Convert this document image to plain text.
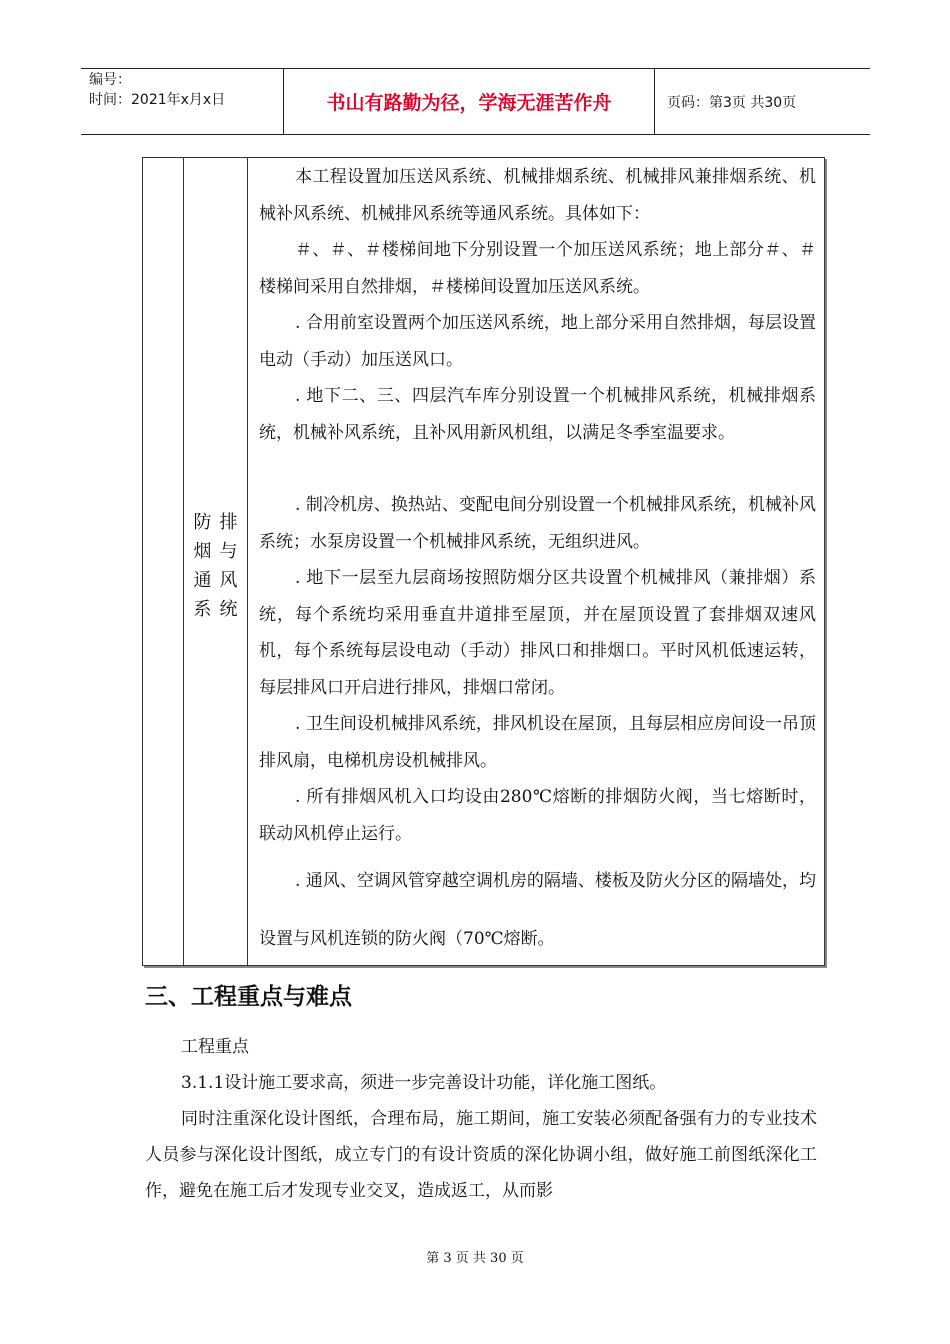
编号：
时间：2021年x月x日	书山有路勤为径，学海无涯苦作舟	页码：第3页 共30页
防排烟与通风系统

本工程设置加压送风系统、机械排烟系统、机械排风兼排烟系统、机械补风系统、机械排风系统等通风系统。具体如下：

＃、＃、＃楼梯间地下分别设置一个加压送风系统；地上部分＃、＃楼梯间采用自然排烟，＃楼梯间设置加压送风系统。

. 合用前室设置两个加压送风系统，地上部分采用自然排烟，每层设置电动（手动）加压送风口。

. 地下二、三、四层汽车库分别设置一个机械排风系统，机械排烟系统，机械补风系统，且补风用新风机组，以满足冬季室温要求。

. 制冷机房、换热站、变配电间分别设置一个机械排风系统，机械补风系统；水泵房设置一个机械排风系统，无组织进风。

. 地下一层至九层商场按照防烟分区共设置个机械排风（兼排烟）系统，每个系统均采用垂直井道排至屋顶，并在屋顶设置了套排烟双速风机，每个系统每层设电动（手动）排风口和排烟口。平时风机低速运转，每层排风口开启进行排风，排烟口常闭。

. 卫生间设机械排风系统，排风机设在屋顶，且每层相应房间设一吊顶排风扇，电梯机房设机械排风。

. 所有排烟风机入口均设由280℃熔断的排烟防火阀，当七熔断时，联动风机停止运行。

. 通风、空调风管穿越空调机房的隔墙、楼板及防火分区的隔墙处，均设置与风机连锁的防火阀（70℃熔断。

三、工程重点与难点

工程重点

3.1.1设计施工要求高，须进一步完善设计功能，详化施工图纸。

同时注重深化设计图纸，合理布局，施工期间，施工安装必须配备强有力的专业技术人员参与深化设计图纸，成立专门的有设计资质的深化协调小组，做好施工前图纸深化工作，避免在施工后才发现专业交叉，造成返工，从而影

第 3 页 共 30 页
